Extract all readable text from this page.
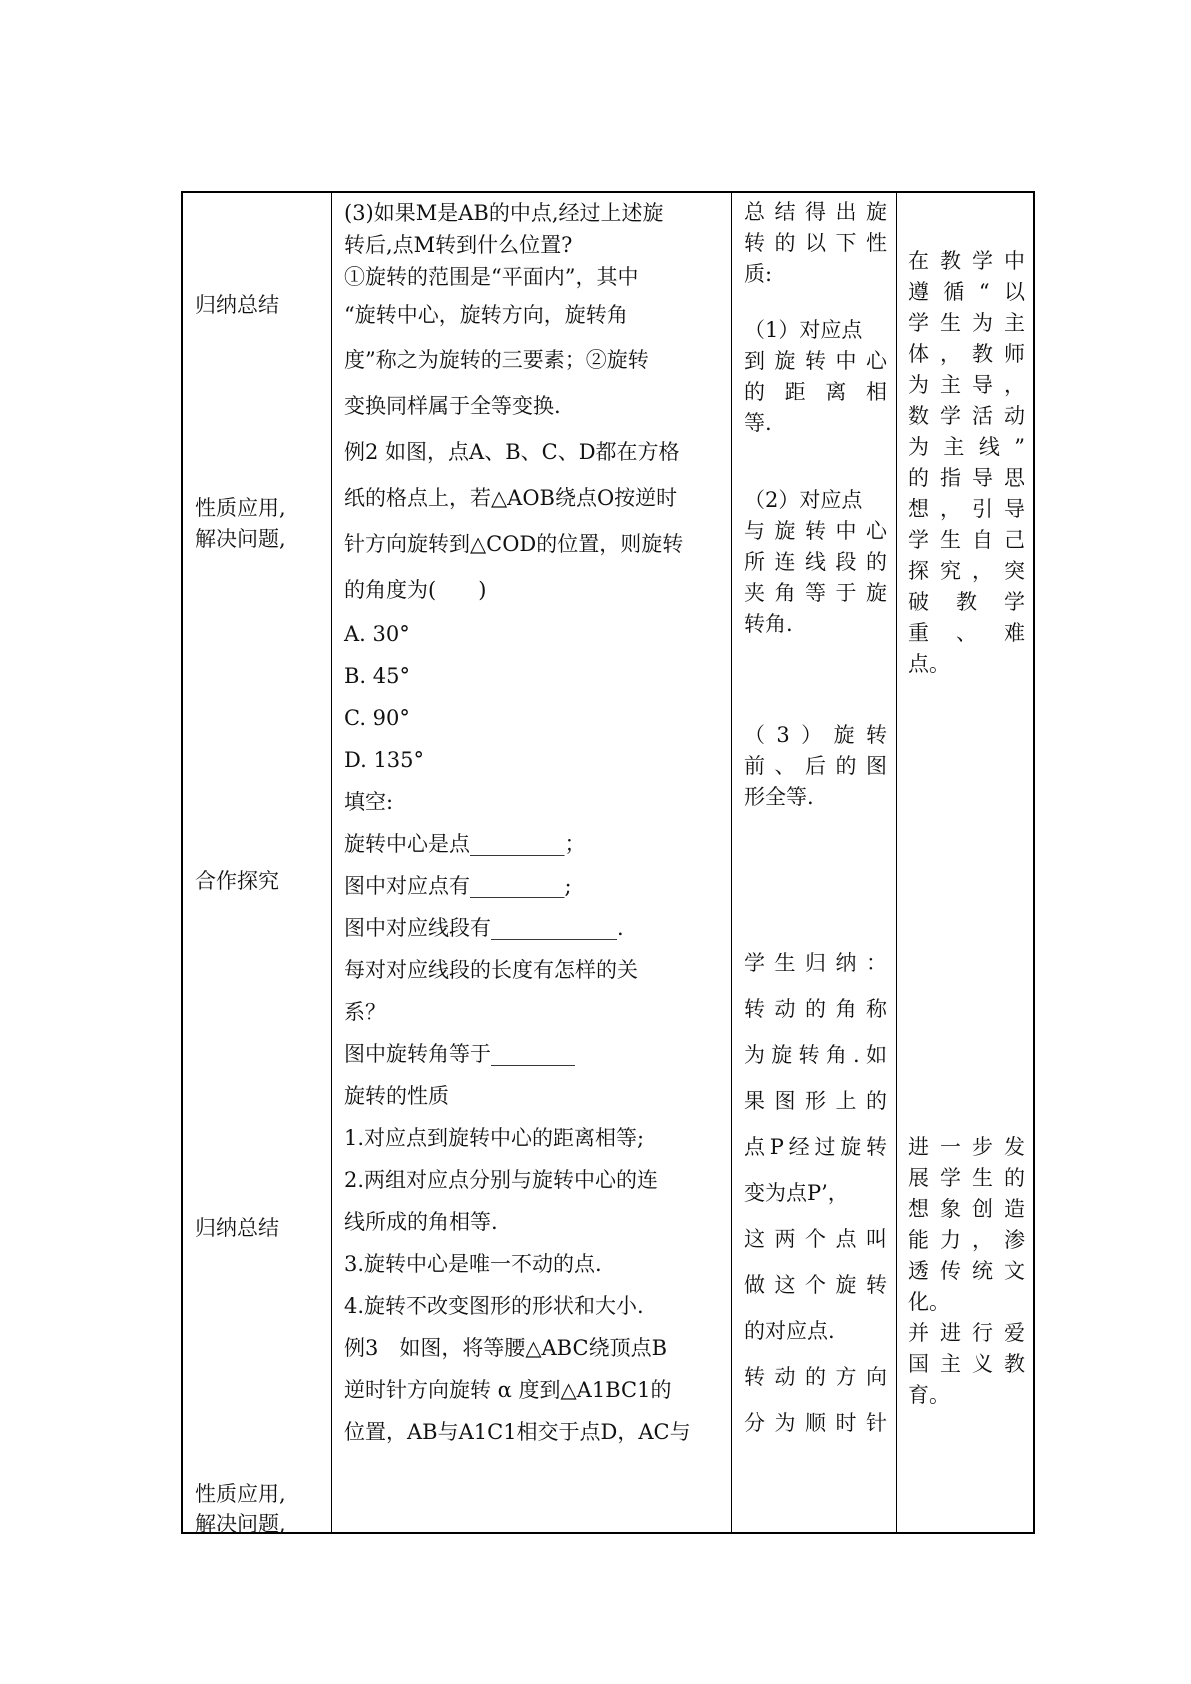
归纳总结
性质应用,
解决问题,
合作探究
归纳总结
性质应用,
解决问题,
(3)如果M是AB的中点,经过上述旋
转后,点M转到什么位置?
①旋转的范围是“平面内”，其中
“旋转中心，旋转方向，旋转角
度”称之为旋转的三要素；②旋转
变换同样属于全等变换.
例2 如图，点A、B、C、D都在方格
纸的格点上，若△AOB绕点O按逆时
针方向旋转到△COD的位置，则旋转
的角度为(　　)
A. 30°
B. 45°
C. 90°
D. 135°
填空:
旋转中心是点_________；
图中对应点有_________;
图中对应线段有____________.
每对对应线段的长度有怎样的关
系？
图中旋转角等于________
旋转的性质
1.对应点到旋转中心的距离相等;
2.两组对应点分别与旋转中心的连
线所成的角相等.
3.旋转中心是唯一不动的点.
4.旋转不改变图形的形状和大小.
例3　如图，将等腰△ABC绕顶点B
逆时针方向旋转 α 度到△A1BC1的
位置，AB与A1C1相交于点D，AC与
总结得出旋
转的以下性
质:
（1）对应点
到旋转中心
的距离相
等.
（2）对应点
与旋转中心
所连线段的
夹角等于旋
转角.
（3）旋转
前、后的图
形全等.
学生归纳：
转动的角称
为旋转角.如
果图形上的
点P经过旋转
变为点P’，
这两个点叫
做这个旋转
的对应点.
转动的方向
分为顺时针
在教学中
遵循“以
学生为主
体，教师
为主导，
数学活动
为主线”
的指导思
想，引导
学生自己
探究，突
破教学
重、难
点。
进一步发
展学生的
想象创造
能力，渗
透传统文
化。
并进行爱
国主义教
育。
